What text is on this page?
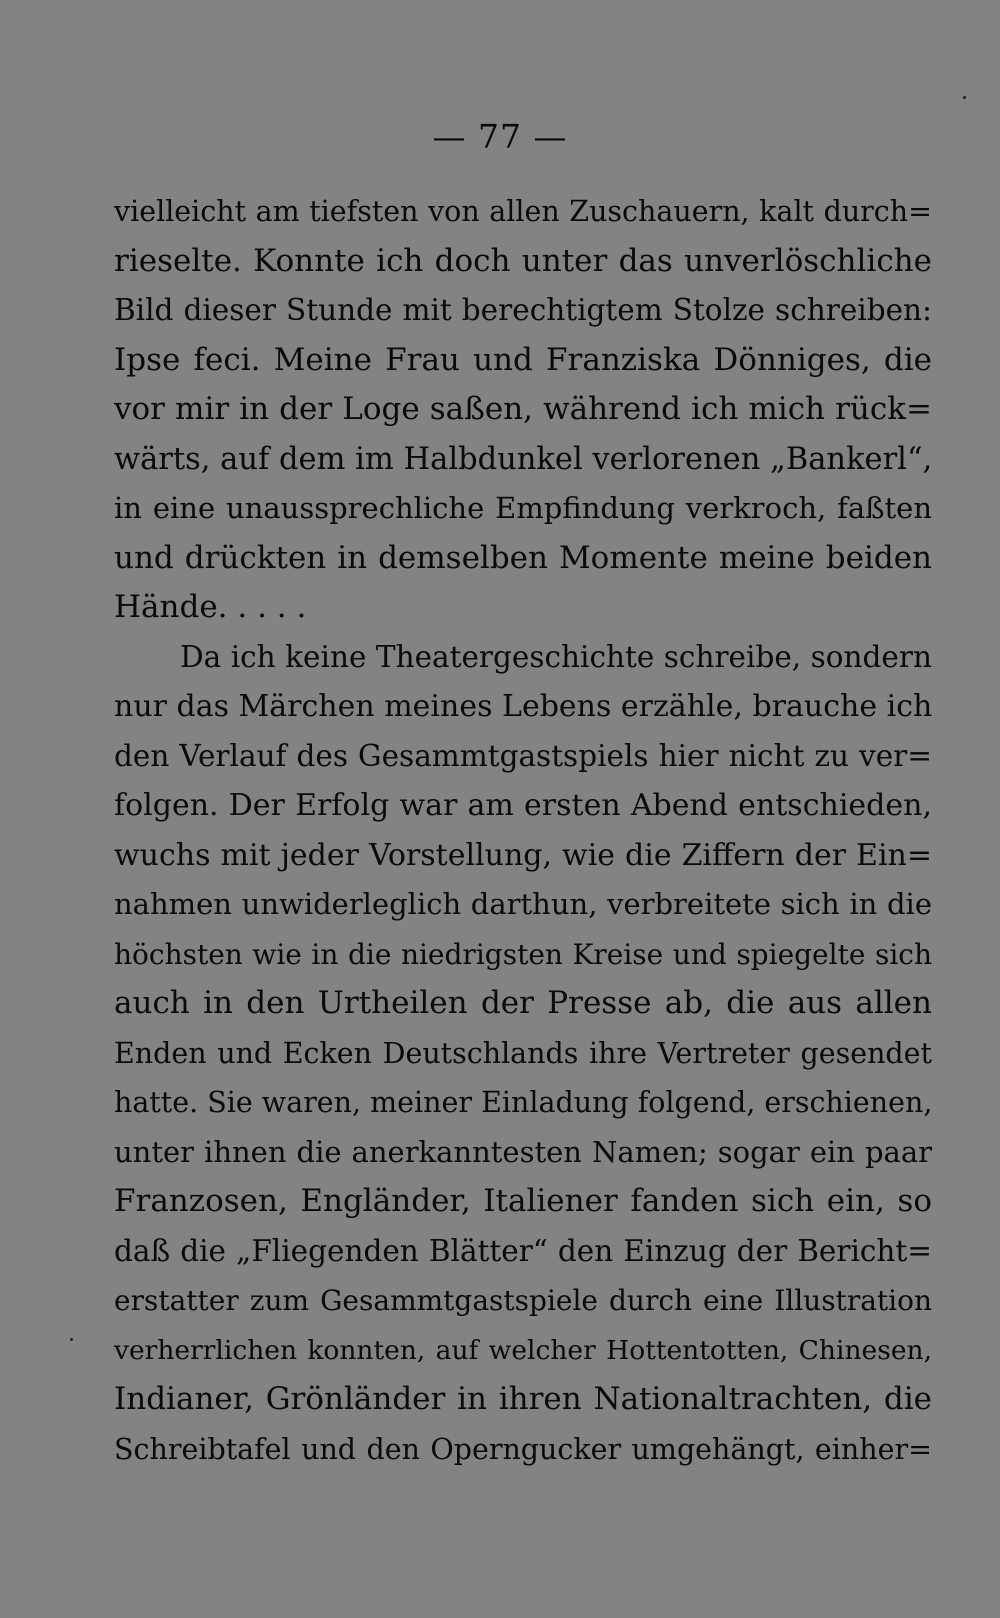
— 77 —
vielleicht am tiefsten von allen Zuschauern, kalt durch=
rieselte. Konnte ich doch unter das unverlöschliche
Bild dieser Stunde mit berechtigtem Stolze schreiben:
Ipse feci. Meine Frau und Franziska Dönniges, die
vor mir in der Loge saßen, während ich mich rück=
wärts, auf dem im Halbdunkel verlorenen „Bankerl“,
in eine unaussprechliche Empfindung verkroch, faßten
und drückten in demselben Momente meine beiden
Hände. . . . .
Da ich keine Theatergeschichte schreibe, sondern
nur das Märchen meines Lebens erzähle, brauche ich
den Verlauf des Gesammtgastspiels hier nicht zu ver=
folgen. Der Erfolg war am ersten Abend entschieden,
wuchs mit jeder Vorstellung, wie die Ziffern der Ein=
nahmen unwiderleglich darthun, verbreitete sich in die
höchsten wie in die niedrigsten Kreise und spiegelte sich
auch in den Urtheilen der Presse ab, die aus allen
Enden und Ecken Deutschlands ihre Vertreter gesendet
hatte. Sie waren, meiner Einladung folgend, erschienen,
unter ihnen die anerkanntesten Namen; sogar ein paar
Franzosen, Engländer, Italiener fanden sich ein, so
daß die „Fliegenden Blätter“ den Einzug der Bericht=
erstatter zum Gesammtgastspiele durch eine Illustration
verherrlichen konnten, auf welcher Hottentotten, Chinesen,
Indianer, Grönländer in ihren Nationaltrachten, die
Schreibtafel und den Operngucker umgehängt, einher=
